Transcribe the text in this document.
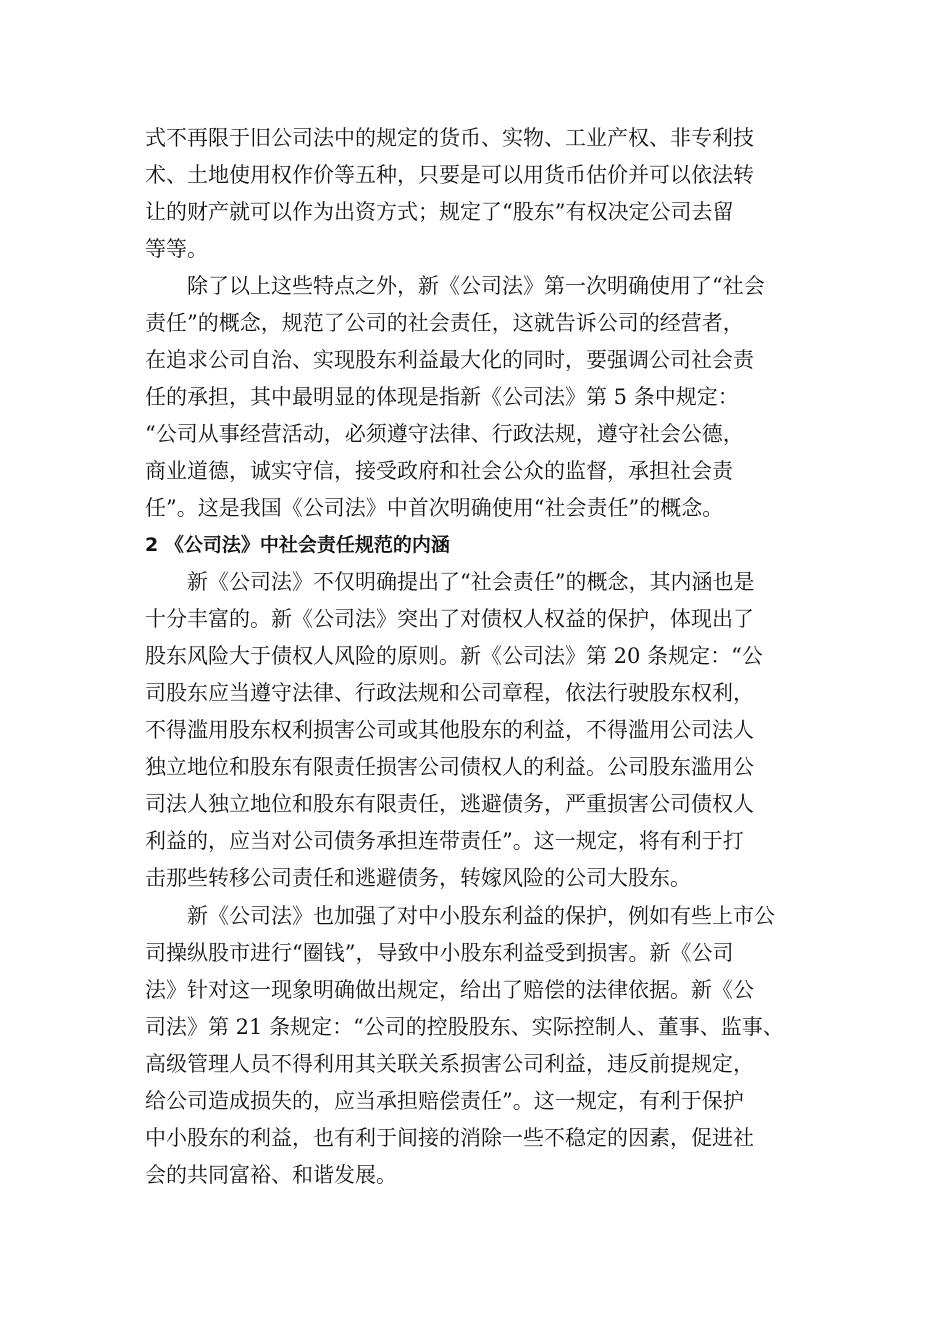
式不再限于旧公司法中的规定的货币、实物、工业产权、非专利技

术、土地使用权作价等五种，只要是可以用货币估价并可以依法转

让的财产就可以作为出资方式；规定了“股东”有权决定公司去留

等等。

除了以上这些特点之外，新《公司法》第一次明确使用了“社会

责任”的概念，规范了公司的社会责任，这就告诉公司的经营者，

在追求公司自治、实现股东利益最大化的同时，要强调公司社会责

任的承担，其中最明显的体现是指新《公司法》第 5 条中规定：

“公司从事经营活动，必须遵守法律、行政法规，遵守社会公德，

商业道德，诚实守信，接受政府和社会公众的监督，承担社会责

任”。这是我国《公司法》中首次明确使用“社会责任”的概念。

2 《公司法》中社会责任规范的内涵

新《公司法》不仅明确提出了“社会责任”的概念，其内涵也是

十分丰富的。新《公司法》突出了对债权人权益的保护，体现出了

股东风险大于债权人风险的原则。新《公司法》第 20 条规定：“公

司股东应当遵守法律、行政法规和公司章程，依法行驶股东权利，

不得滥用股东权利损害公司或其他股东的利益，不得滥用公司法人

独立地位和股东有限责任损害公司债权人的利益。公司股东滥用公

司法人独立地位和股东有限责任，逃避债务，严重损害公司债权人

利益的，应当对公司债务承担连带责任”。这一规定，将有利于打

击那些转移公司责任和逃避债务，转嫁风险的公司大股东。

新《公司法》也加强了对中小股东利益的保护，例如有些上市公

司操纵股市进行“圈钱”，导致中小股东利益受到损害。新《公司

法》针对这一现象明确做出规定，给出了赔偿的法律依据。新《公

司法》第 21 条规定：“公司的控股股东、实际控制人、董事、监事、

高级管理人员不得利用其关联关系损害公司利益，违反前提规定，

给公司造成损失的，应当承担赔偿责任”。这一规定，有利于保护

中小股东的利益，也有利于间接的消除一些不稳定的因素，促进社

会的共同富裕、和谐发展。
